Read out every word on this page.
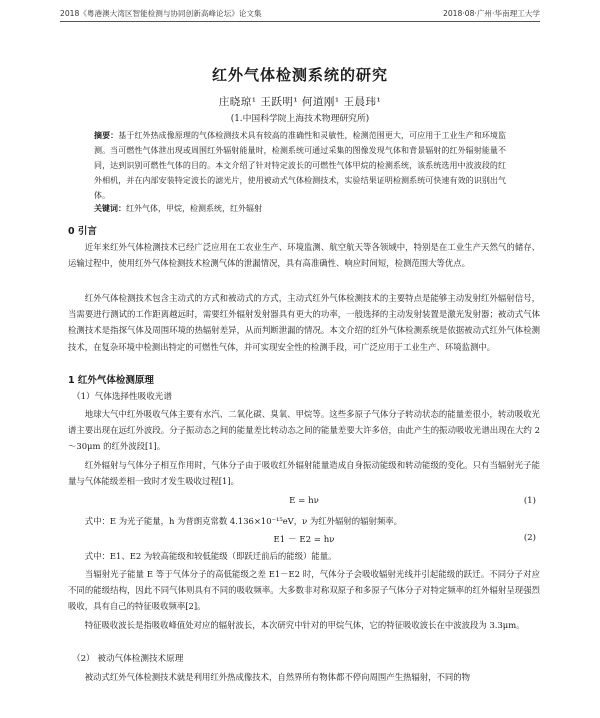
2018《粤港澳大湾区智能检测与协同创新高峰论坛》论文集	2018·08·广州·华南理工大学
红外气体检测系统的研究
庄晓琼¹ 王跃明¹ 何道刚¹ 王晨玮¹
(1.中国科学院上海技术物理研究所)
摘要：基于红外热成像原理的气体检测技术具有较高的准确性和灵敏性，检测范围更大，可应用于工业生产和环境监测。当可燃性气体泄出现或周围红外辐射能量时，检测系统可通过采集的图像发现气体和背景辐射的红外辐射能量不同，达到识别可燃性气体的目的。本文介绍了针对特定波长的可燃性气体甲烷的检测系统，该系统选用中波波段的红外相机，并在内部安装特定波长的滤光片，使用被动式气体检测技术，实验结果证明检测系统可快速有效的识别出气体。
关键词：红外气体，甲烷，检测系统，红外辐射
0 引言
近年来红外气体检测技术已经广泛应用在工农业生产、环境监测、航空航天等各领域中，特别是在工业生产天然气的储存、运输过程中，使用红外气体检测技术检测气体的泄漏情况，具有高准确性、响应时间短，检测范围大等优点。
红外气体检测技术包含主动式的方式和被动式的方式，主动式红外气体检测技术的主要特点是能够主动发射红外辐射信号，当需要进行测试的工作距离越远时，需要红外辐射发射器具有更大的功率，一般选择的主动发射装置是激光发射器；被动式气体检测技术是指探气体及周围环境的热辐射差异，从而判断泄漏的情况。本文介绍的红外气体检测系统是依据被动式红外气体检测技术，在复杂环境中检测出特定的可燃性气体，并可实现安全性的检测手段，可广泛应用于工业生产、环境监测中。
1 红外气体检测原理
（1）气体选择性吸收光谱
地球大气中红外吸收气体主要有水汽、二氧化碳、臭氧、甲烷等。这些多原子气体分子转动状态的能量差很小，转动吸收光谱主要出现在远红外波段。分子振动态之间的能量差比转动态之间的能量差要大许多倍，由此产生的振动吸收光谱出现在大约 2～30μm 的红外波段[1]。
红外辐射与气体分子相互作用时，气体分子由于吸收红外辐射能量造成自身振动能级和转动能级的变化。只有当辐射光子能量与气体能级差相一致时才发生吸收过程[1]。
E = hν	(1)
式中：E 为光子能量，h 为普朗克常数 4.136×10⁻¹⁵eV，ν 为红外辐射的辐射频率。
E1 － E2 = hν	(2)
式中：E1、E2 为较高能级和较低能级（即跃迁前后的能级）能量。
当辐射光子能量 E 等于气体分子的高低能级之差 E1－E2 时，气体分子会吸收辐射光线并引起能级的跃迁。不同分子对应不同的能级结构，因此不同气体则具有不同的吸收频率。大多数非对称双原子和多原子气体分子对特定频率的红外辐射呈现强烈吸收，具有自己的特征吸收频率[2]。
特征吸收波长是指吸收峰值处对应的辐射波长，本次研究中针对的甲烷气体，它的特征吸收波长在中波波段为 3.3μm。
（2） 被动气体检测技术原理
被动式红外气体检测技术就是利用红外热成像技术，自然界所有物体都不停向周围产生热辐射，不同的物
